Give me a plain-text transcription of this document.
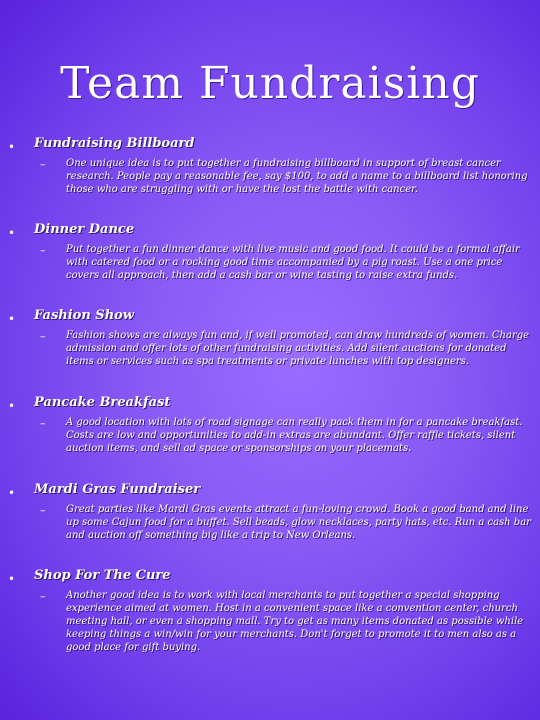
Team Fundraising
• Fundraising Billboard
– One unique idea is to put together a fundraising billboard in support of breast cancer research. People pay a reasonable fee, say $100, to add a name to a billboard list honoring those who are struggling with or have the lost the battle with cancer.
• Dinner Dance
– Put together a fun dinner dance with live music and good food. It could be a formal affair with catered food or a rocking good time accompanied by a pig roast. Use a one price covers all approach, then add a cash bar or wine tasting to raise extra funds.
• Fashion Show
– Fashion shows are always fun and, if well promoted, can draw hundreds of women. Charge admission and offer lots of other fundraising activities. Add silent auctions for donated items or services such as spa treatments or private lunches with top designers.
• Pancake Breakfast
– A good location with lots of road signage can really pack them in for a pancake breakfast. Costs are low and opportunities to add-in extras are abundant. Offer raffle tickets, silent auction items, and sell ad space or sponsorships on your placemats.
• Mardi Gras Fundraiser
– Great parties like Mardi Gras events attract a fun-loving crowd. Book a good band and line up some Cajun food for a buffet. Sell beads, glow necklaces, party hats, etc. Run a cash bar and auction off something big like a trip to New Orleans.
• Shop For The Cure
– Another good idea is to work with local merchants to put together a special shopping experience aimed at women. Host in a convenient space like a convention center, church meeting hall, or even a shopping mall. Try to get as many items donated as possible while keeping things a win/win for your merchants. Don't forget to promote it to men also as a good place for gift buying.
